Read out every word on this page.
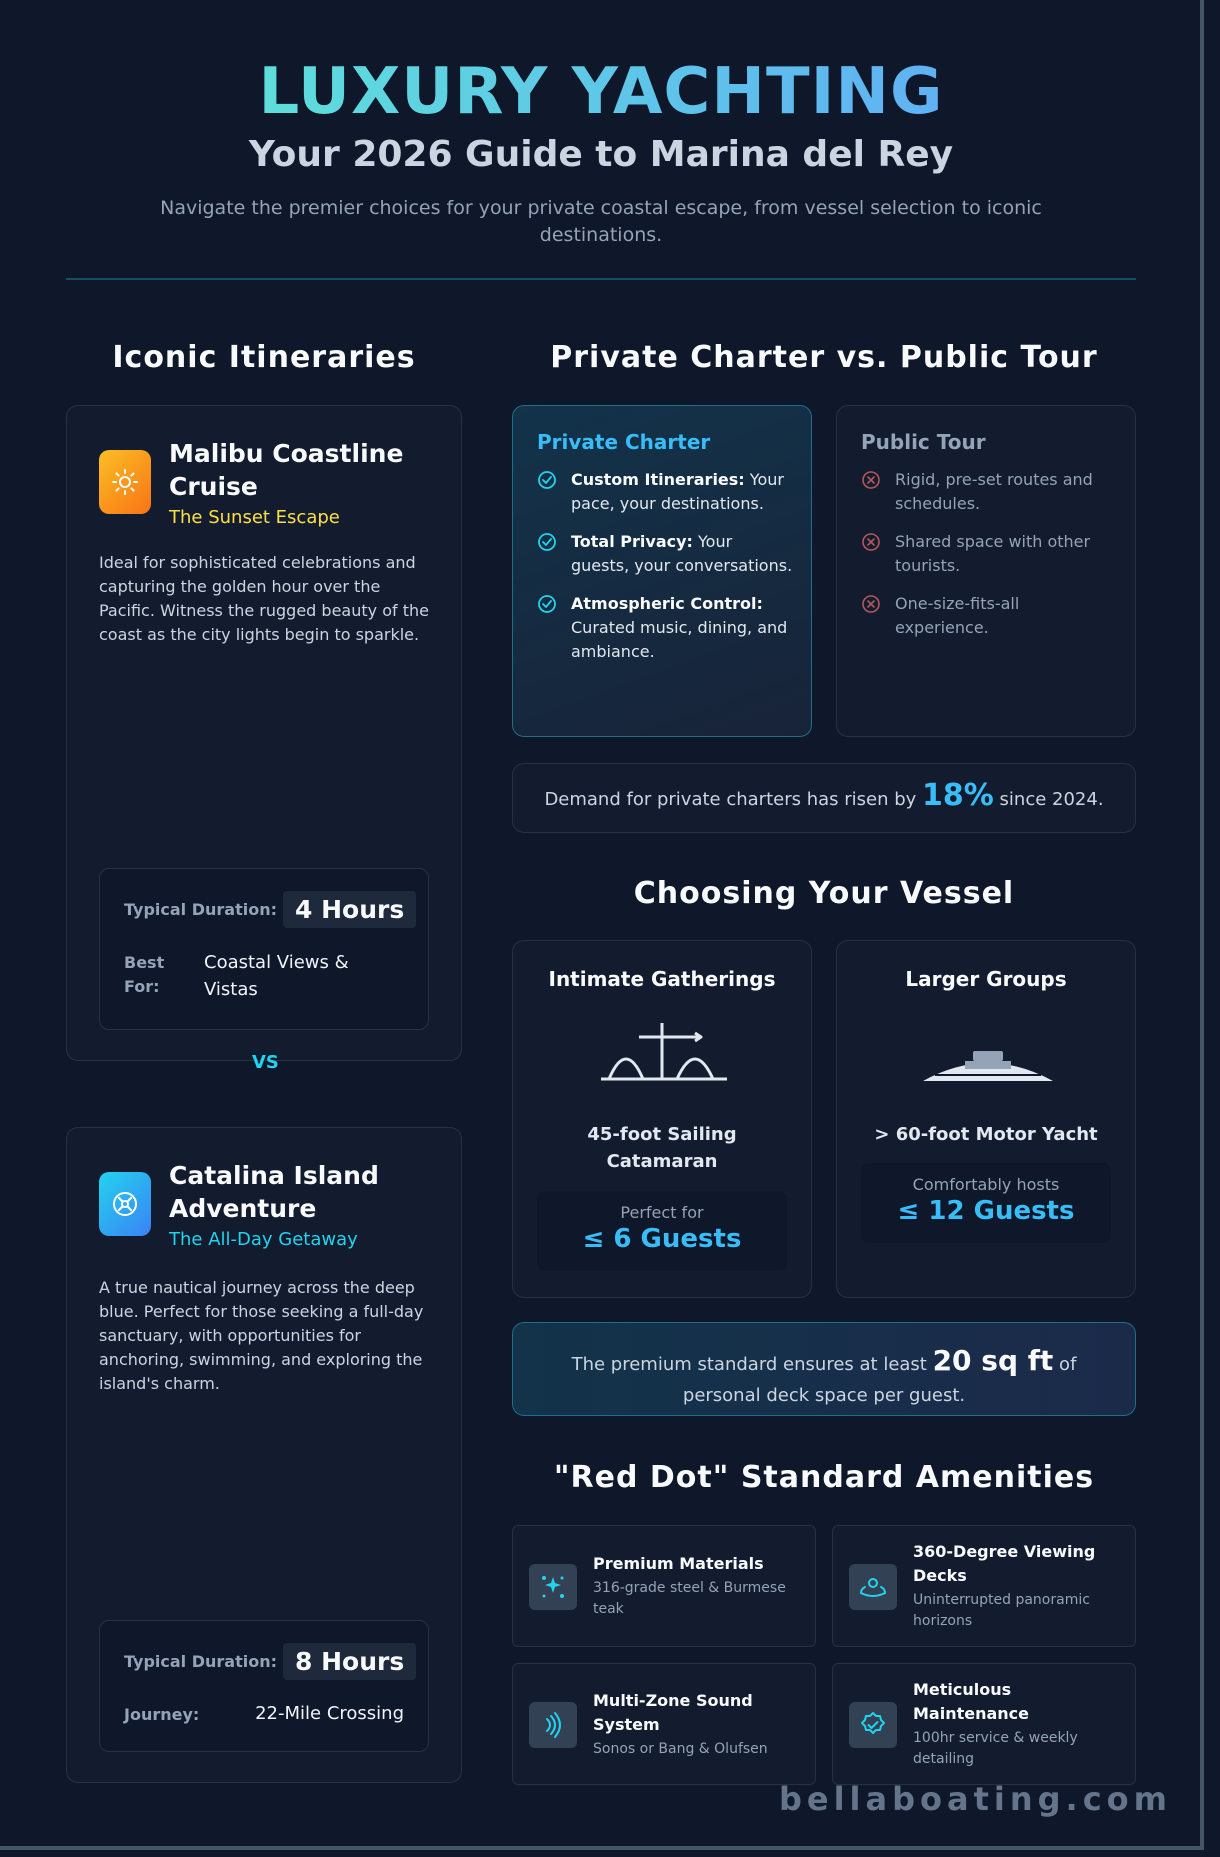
LUXURY YACHTING
Your 2026 Guide to Marina del Rey
Navigate the premier choices for your private coastal escape, from vessel selection to iconic destinations.
Iconic Itineraries
Malibu Coastline Cruise
The Sunset Escape
Ideal for sophisticated celebrations and capturing the golden hour over the Pacific. Witness the rugged beauty of the coast as the city lights begin to sparkle.
Typical Duration: 4 Hours
Best For:
Coastal Views & Vistas
VS
Catalina Island Adventure
The All-Day Getaway
A true nautical journey across the deep blue. Perfect for those seeking a full-day sanctuary, with opportunities for anchoring, swimming, and exploring the island's charm.
Typical Duration: 8 Hours
Journey:	22-Mile Crossing
Private Charter vs. Public Tour
Private Charter
Custom Itineraries: Your pace, your destinations.
Total Privacy: Your guests, your conversations.
Atmospheric Control: Curated music, dining, and ambiance.
Public Tour
Rigid, pre-set routes and schedules.
Shared space with other tourists.
One-size-fits-all experience.
Demand for private charters has risen by 18% since 2024.
Choosing Your Vessel
Intimate Gatherings
45-foot Sailing Catamaran
Perfect for
≤ 6 Guests
Larger Groups
> 60-foot Motor Yacht
Comfortably hosts
≤ 12 Guests
The premium standard ensures at least 20 sq ft of personal deck space per guest.
"Red Dot" Standard Amenities
Premium Materials
316-grade steel & Burmese teak
360-Degree Viewing Decks
Uninterrupted panoramic horizons
Multi-Zone Sound System
Sonos or Bang & Olufsen
Meticulous Maintenance
100hr service & weekly detailing
bellaboating.com
